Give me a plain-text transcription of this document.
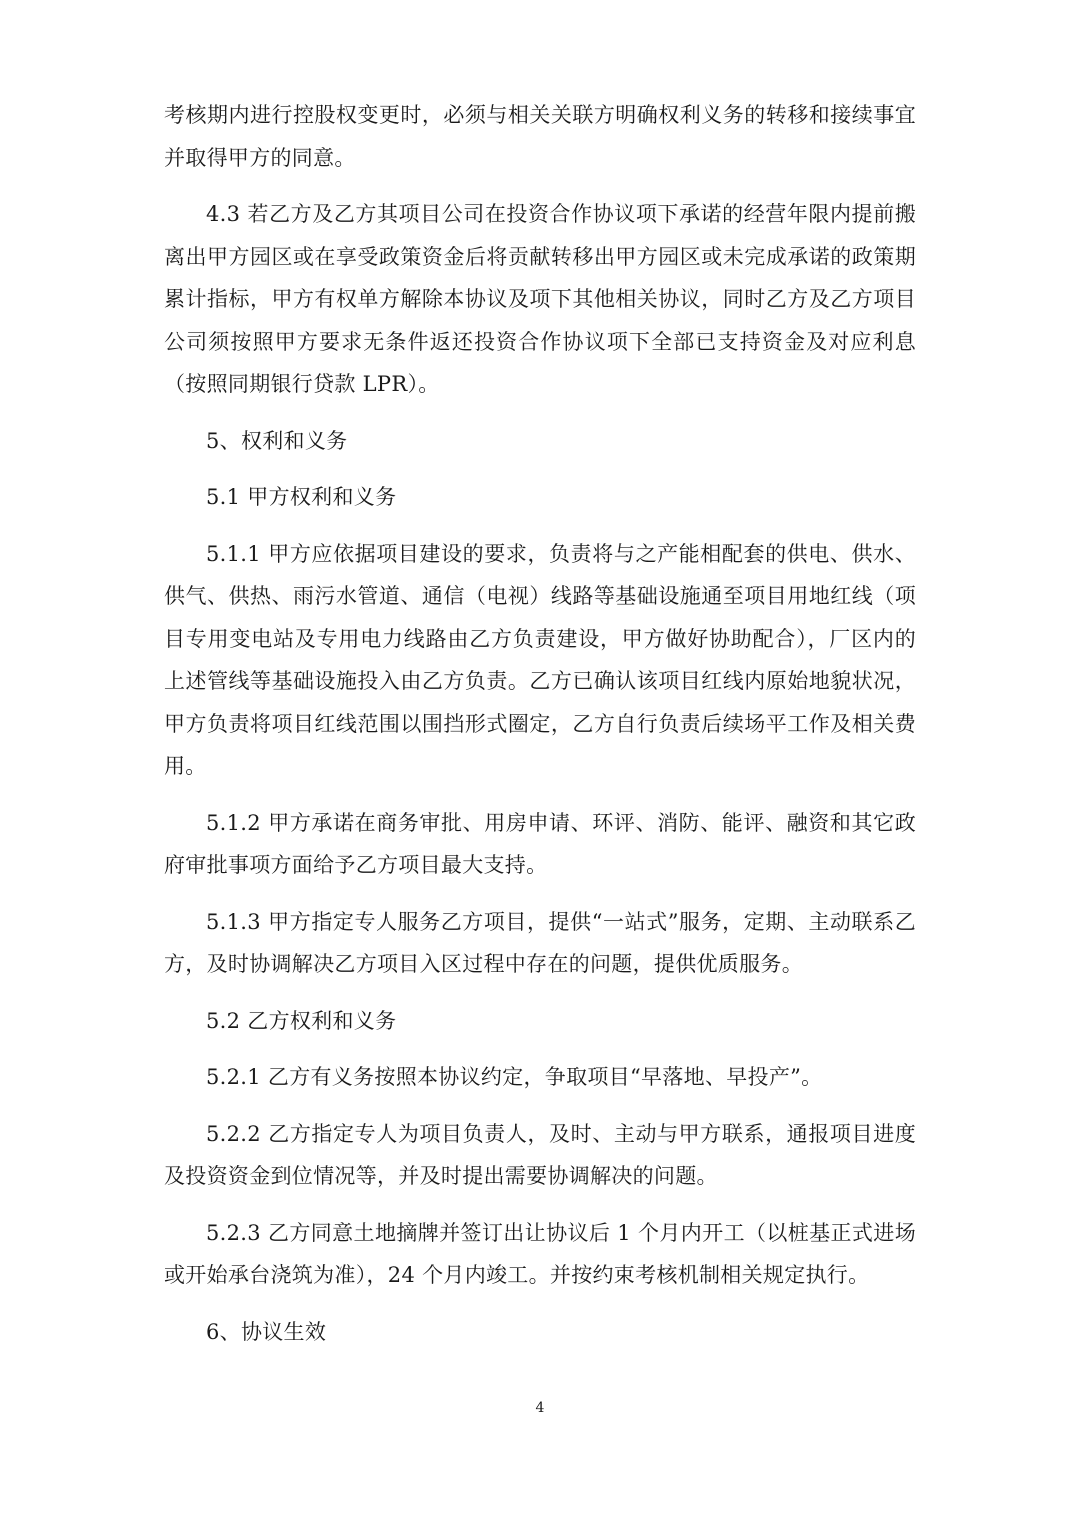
考核期内进行控股权变更时，必须与相关关联方明确权利义务的转移和接续事宜并取得甲方的同意。

4.3 若乙方及乙方其项目公司在投资合作协议项下承诺的经营年限内提前搬离出甲方园区或在享受政策资金后将贡献转移出甲方园区或未完成承诺的政策期累计指标，甲方有权单方解除本协议及项下其他相关协议，同时乙方及乙方项目公司须按照甲方要求无条件返还投资合作协议项下全部已支持资金及对应利息（按照同期银行贷款 LPR）。

5、权利和义务

5.1 甲方权利和义务

5.1.1 甲方应依据项目建设的要求，负责将与之产能相配套的供电、供水、供气、供热、雨污水管道、通信（电视）线路等基础设施通至项目用地红线（项目专用变电站及专用电力线路由乙方负责建设，甲方做好协助配合），厂区内的上述管线等基础设施投入由乙方负责。乙方已确认该项目红线内原始地貌状况，甲方负责将项目红线范围以围挡形式圈定，乙方自行负责后续场平工作及相关费用。

5.1.2 甲方承诺在商务审批、用房申请、环评、消防、能评、融资和其它政府审批事项方面给予乙方项目最大支持。

5.1.3 甲方指定专人服务乙方项目，提供“一站式”服务，定期、主动联系乙方，及时协调解决乙方项目入区过程中存在的问题，提供优质服务。

5.2 乙方权利和义务

5.2.1 乙方有义务按照本协议约定，争取项目“早落地、早投产”。

5.2.2 乙方指定专人为项目负责人，及时、主动与甲方联系，通报项目进度及投资资金到位情况等，并及时提出需要协调解决的问题。

5.2.3 乙方同意土地摘牌并签订出让协议后 1 个月内开工（以桩基正式进场或开始承台浇筑为准），24 个月内竣工。并按约束考核机制相关规定执行。

6、协议生效

4
